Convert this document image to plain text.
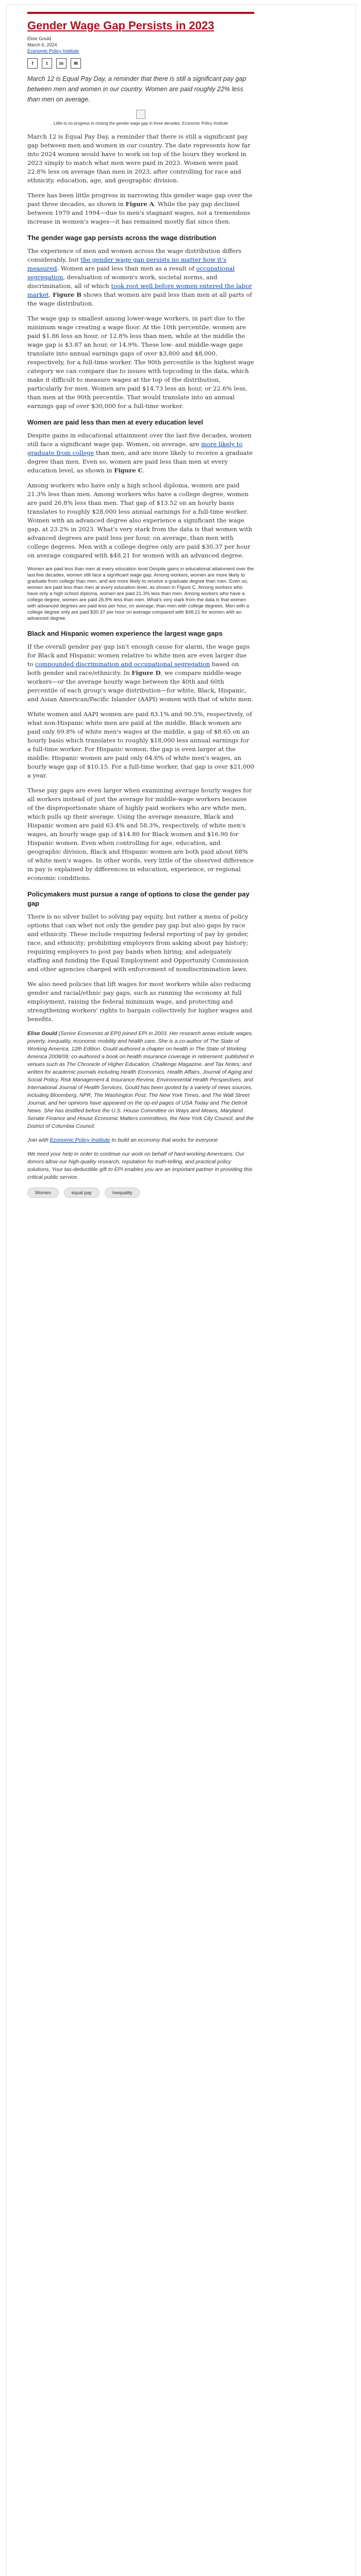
Gender Wage Gap Persists in 2023
Elise Gould
March 6, 2024
Economic Policy Institute
f	t	in	✉

March 12 is Equal Pay Day, a reminder that there is still a significant pay gap between men and women in our country. Women are paid roughly 22% less than men on average.

Little to no progress in closing the gender wage gap in three decades: Economic Policy Institute

March 12 is Equal Pay Day, a reminder that there is still a significant pay gap between men and women in our country. The date represents how far into 2024 women would have to work on top of the hours they worked in 2023 simply to match what men were paid in 2023. Women were paid 22.8% less on average than men in 2023, after controlling for race and ethnicity, education, age, and geographic division.

There has been little progress in narrowing this gender wage gap over the past three decades, as shown in Figure A. While the pay gap declined between 1979 and 1994—due to men's stagnant wages, not a tremendous increase in women's wages—it has remained mostly flat since then.

The gender wage gap persists across the wage distribution

The experience of men and women across the wage distribution differs considerably, but the gender wage gap persists no matter how it's measured. Women are paid less than men as a result of occupational segregation, devaluation of women's work, societal norms, and discrimination, all of which took root well before women entered the labor market. Figure B shows that women are paid less than men at all parts of the wage distribution.

The wage gap is smallest among lower-wage workers, in part due to the minimum wage creating a wage floor. At the 10th percentile, women are paid $1.86 less an hour, or 12.8% less than men, while at the middle the wage gap is $3.87 an hour, or 14.9%. These low- and middle-wage gaps translate into annual earnings gaps of over $3,800 and $8,000, respectively, for a full-time worker. The 90th percentile is the highest wage category we can compare due to issues with topcoding in the data, which make it difficult to measure wages at the top of the distribution, particularly for men. Women are paid $14.73 less an hour, or 22.6% less, than men at the 90th percentile. That would translate into an annual earnings gap of over $30,000 for a full-time worker.

Women are paid less than men at every education level

Despite gains in educational attainment over the last five decades, women still face a significant wage gap. Women, on average, are more likely to graduate from college than men, and are more likely to receive a graduate degree than men. Even so, women are paid less than men at every education level, as shown in Figure C.

Among workers who have only a high school diploma, women are paid 21.3% less than men. Among workers who have a college degree, women are paid 26.8% less than men. That gap of $13.52 on an hourly basis translates to roughly $28,000 less annual earnings for a full-time worker. Women with an advanced degree also experience a significant the wage gap, at 23.2% in 2023. What's very stark from the data is that women with advanced degrees are paid less per hour, on average, than men with college degrees. Men with a college degree only are paid $30.37 per hour on average compared with $48.21 for women with an advanced degree.

Women are paid less than men at every education level Despite gains in educational attainment over the last five decades, women still face a significant wage gap. Among workers, women are more likely to graduate from college than men, and are more likely to receive a graduate degree than men. Even so, women are paid less than men at every education level, as shown in Figure C. Among workers who have only a high school diploma, women are paid 21.3% less than men. Among workers who have a college degree, women are paid 26.8% less than men. What's very stark from the data is that women with advanced degrees are paid less per hour, on average, than men with college degrees. Men with a college degree only are paid $30.37 per hour on average compared with $48.21 for women with an advanced degree.

Black and Hispanic women experience the largest wage gaps

If the overall gender pay gap isn't enough cause for alarm, the wage gaps for Black and Hispanic women relative to white men are even larger due to compounded discrimination and occupational segregation based on both gender and race/ethnicity. In Figure D, we compare middle-wage workers—or the average hourly wage between the 40th and 60th percentile of each group's wage distribution—for white, Black, Hispanic, and Asian American/Pacific Islander (AAPI) women with that of white men.

White women and AAPI women are paid 83.1% and 90.5%, respectively, of what non-Hispanic white men are paid at the middle. Black women are paid only 69.8% of white men's wages at the middle, a gap of $8.65 on an hourly basis which translates to roughly $18,000 less annual earnings for a full-time worker. For Hispanic women, the gap is even larger at the middle: Hispanic women are paid only 64.6% of white men's wages, an hourly wage gap of $10.15. For a full-time worker, that gap is over $21,000 a year.

These pay gaps are even larger when examining average hourly wages for all workers instead of just the average for middle-wage workers because of the disproportionate share of highly paid workers who are white men, which pulls up their average. Using the average measure, Black and Hispanic women are paid 63.4% and 58.3%, respectively, of white men's wages, an hourly wage gap of $14.80 for Black women and $16.90 for Hispanic women. Even when controlling for age, education, and geographic division, Black and Hispanic women are both paid about 68% of white men's wages. In other words, very little of the observed difference in pay is explained by differences in education, experience, or regional economic conditions.

Policymakers must pursue a range of options to close the gender pay gap

There is no silver bullet to solving pay equity, but rather a menu of policy options that can whet not only the gender pay gap but also gaps by race and ethnicity. These include requiring federal reporting of pay by gender, race, and ethnicity; prohibiting employers from asking about pay history; requiring employers to post pay bands when hiring; and adequately staffing and funding the Equal Employment and Opportunity Commission and other agencies charged with enforcement of nondiscrimination laws.

We also need policies that lift wages for most workers while also reducing gender and racial/ethnic pay gaps, such as running the economy at full employment, raising the federal minimum wage, and protecting and strengthening workers' rights to bargain collectively for higher wages and benefits.

Elise Gould (Senior Economist at EPI) joined EPI in 2003. Her research areas include wages, poverty, inequality, economic mobility and health care. She is a co-author of The State of Working America, 12th Edition. Gould authored a chapter on health in The State of Working America 2008/09; co-authored a book on health insurance coverage in retirement; published in venues such as The Chronicle of Higher Education, Challenge Magazine, and Tax Notes; and written for academic journals including Health Economics, Health Affairs, Journal of Aging and Social Policy, Risk Management & Insurance Review, Environmental Health Perspectives, and International Journal of Health Services. Gould has been quoted by a variety of news sources, including Bloomberg, NPR, The Washington Post, The New York Times, and The Wall Street Journal, and her opinions have appeared on the op-ed pages of USA Today and The Detroit News. She has testified before the U.S. House Committee on Ways and Means, Maryland Senate Finance and House Economic Matters committees, the New York City Council, and the District of Columbia Council.

Join with Economic Policy Institute to build an economy that works for everyone

We need your help in order to continue our work on behalf of hard-working Americans. Our donors allow our high-quality research, reputation for truth-telling, and practical policy solutions. Your tax-deductible gift to EPI enables you are an important partner in providing this critical public service.

Women	equal pay	Inequality
